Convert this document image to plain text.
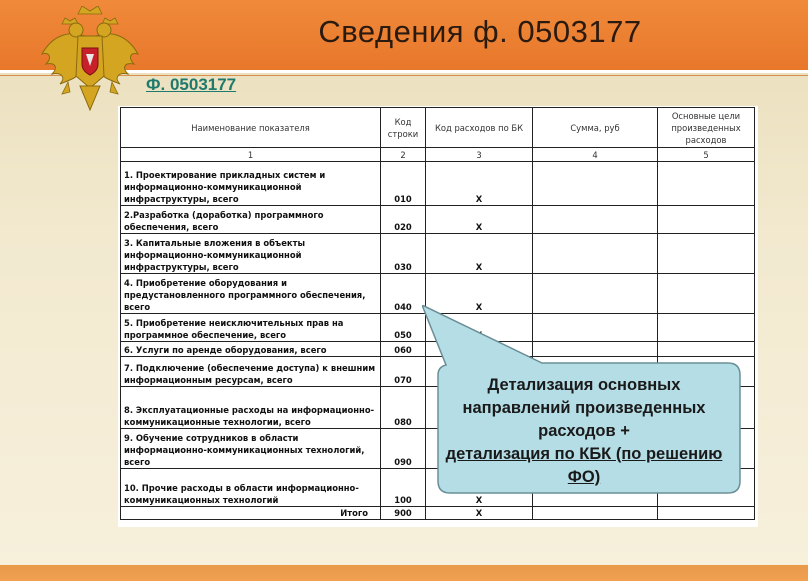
Сведения ф. 0503177
Ф. 0503177
Наименование показателя	Код строки	Код расходов по БК	Сумма, руб	Основные цели произведенных расходов
1	2	3	4	5
1. Проектирование прикладных систем и информационно-коммуникационной инфраструктуры, всего	010	X		
2.Разработка (доработка) программного обеспечения, всего	020	X		
3. Капитальные вложения в объекты информационно-коммуникационной инфраструктуры, всего	030	X		
4. Приобретение оборудования и предустановленного программного обеспечения, всего	040	X		
5. Приобретение неисключительных прав на программное обеспечение, всего	050			
6. Услуги по аренде оборудования, всего	060			
7. Подключение (обеспечение доступа) к внешним информационным ресурсам, всего	070			
8. Эксплуатационные расходы на информационно-коммуникационные технологии, всего	080			
9. Обучение сотрудников в области информационно-коммуникационных технологий, всего	090			
10. Прочие расходы в области информационно-коммуникационных технологий	100	X		
Итого	900	X		
Детализация основных направлений произведенных расходов +
детализация по КБК (по решению ФО)
